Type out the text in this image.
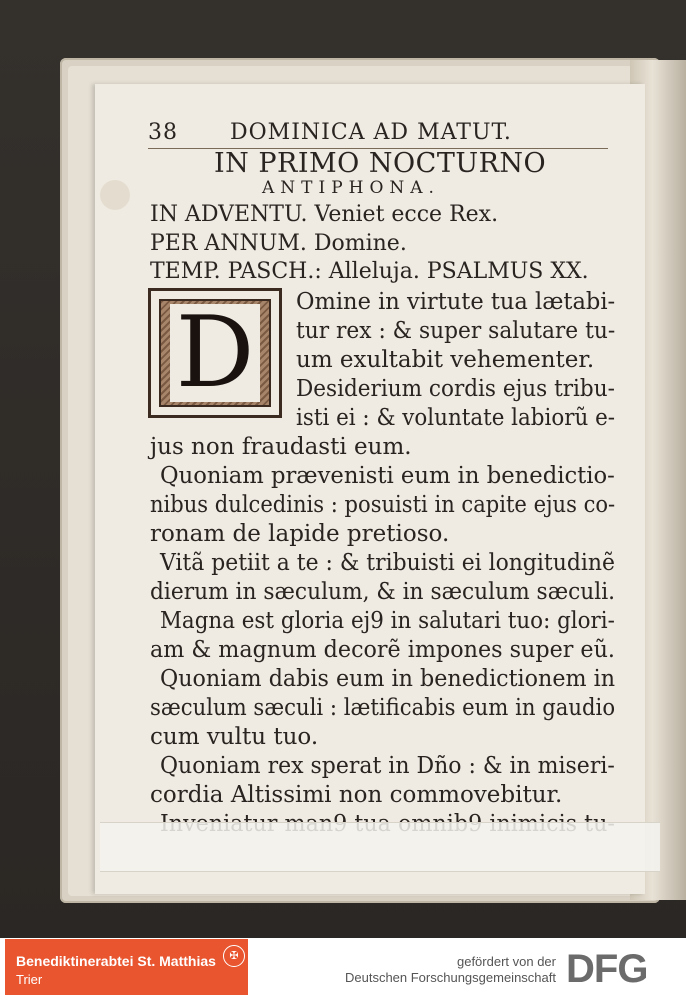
38 DOMINICA AD MATUT.
IN PRIMO NOCTURNO
ANTIPHONA.
IN ADVENTU. Veniet ecce Rex.
PER ANNUM. Domine.
TEMP. PASCH.: Alleluja. PSALMUS XX.
D Omine in virtute tua lætabi-
tur rex : & super salutare tu-
um exultabit vehementer.
Desiderium cordis ejus tribu-
isti ei : & voluntate labiorũ e-
jus non fraudasti eum.
Quoniam prævenisti eum in benedictio-
nibus dulcedinis : posuisti in capite ejus co-
ronam de lapide pretioso.
Vitã petiit a te : & tribuisti ei longitudinẽ
dierum in sæculum, & in sæculum sæculi.
Magna est gloria ej9 in salutari tuo: glori-
am & magnum decorẽ impones super eũ.
Quoniam dabis eum in benedictionem in
sæculum sæculi : lætificabis eum in gaudio
cum vultu tuo.
Quoniam rex sperat in Dño : & in miseri-
cordia Altissimi non commovebitur.
Benediktinerabtei St. Matthias
Trier
✠	gefördert von der
Deutschen Forschungsgemeinschaft DFG
